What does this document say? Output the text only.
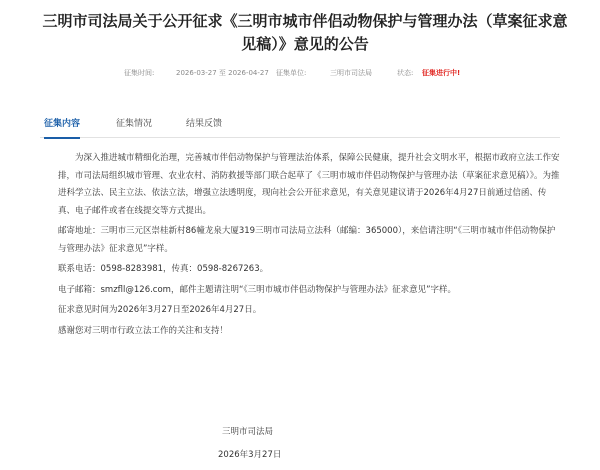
三明市司法局关于公开征求《三明市城市伴侣动物保护与管理办法（草案征求意见稿）》意见的公告
征集时间:	2026-03-27 至 2026-04-27 征集单位:	三明市司法局	状态: 征集进行中!
征集内容	征集情况	结果反馈

为深入推进城市精细化治理，完善城市伴侣动物保护与管理法治体系，保障公民健康，提升社会文明水平，根据市政府立法工作安排，市司法局组织城市管理、农业农村、消防救援等部门联合起草了《三明市城市伴侣动物保护与管理办法（草案征求意见稿）》。为推进科学立法、民主立法、依法立法，增强立法透明度，现向社会公开征求意见，有关意见建议请于2026年4月27日前通过信函、传真、电子邮件或者在线提交等方式提出。

邮寄地址：三明市三元区崇桂新村86幢龙泉大厦319三明市司法局立法科（邮编：365000），来信请注明“《三明市城市伴侣动物保护与管理办法》征求意见”字样。

联系电话：0598-8283981，传真：0598-8267263。

电子邮箱：smzfll@126.com，邮件主题请注明“《三明市城市伴侣动物保护与管理办法》征求意见”字样。

征求意见时间为2026年3月27日至2026年4月27日。

感谢您对三明市行政立法工作的关注和支持！

三明市司法局
2026年3月27日
